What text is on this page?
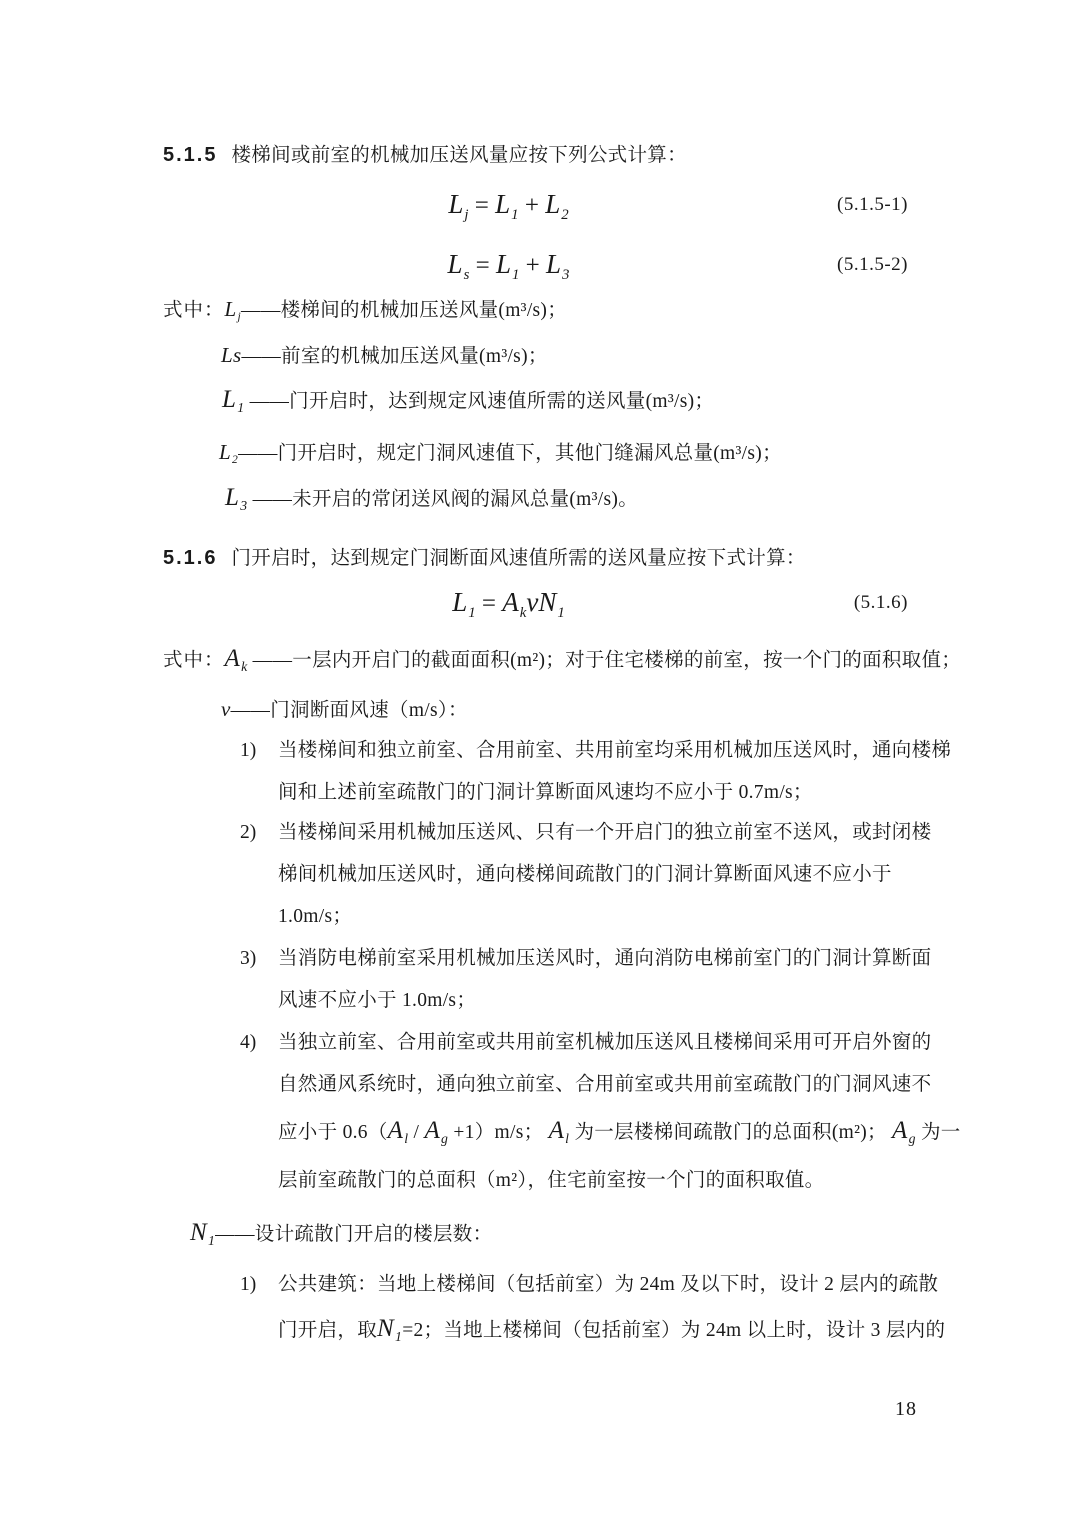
5.1.5 楼梯间或前室的机械加压送风量应按下列公式计算：
$L_j = L_1 + L_2$	(5.1.5-1)
$L_s = L_1 + L_3$	(5.1.5-2)
式中：$L_j——$楼梯间的机械加压送风量(m³/s)；
Ls——前室的机械加压送风量(m³/s)；
$L_1$ ——门开启时，达到规定风速值所需的送风量(m³/s)；
$L_2——$门开启时，规定门洞风速值下，其他门缝漏风总量(m³/s)；
$L_3$ ——未开启的常闭送风阀的漏风总量(m³/s)。
5.1.6 门开启时，达到规定门洞断面风速值所需的送风量应按下式计算：
$L_1 = A_kvN_1$	(5.1.6)
式中：$A_k$ ——一层内开启门的截面面积(m²)；对于住宅楼梯的前室，按一个门的面积取值；
v——门洞断面风速（m/s）：
1) 当楼梯间和独立前室、合用前室、共用前室均采用机械加压送风时，通向楼梯
间和上述前室疏散门的门洞计算断面风速均不应小于 0.7m/s；
2) 当楼梯间采用机械加压送风、只有一个开启门的独立前室不送风，或封闭楼
梯间机械加压送风时，通向楼梯间疏散门的门洞计算断面风速不应小于
1.0m/s；
3) 当消防电梯前室采用机械加压送风时，通向消防电梯前室门的门洞计算断面
风速不应小于 1.0m/s；
4) 当独立前室、合用前室或共用前室机械加压送风且楼梯间采用可开启外窗的
自然通风系统时，通向独立前室、合用前室或共用前室疏散门的门洞风速不
应小于 $0.6(A_l / A_g +1)m/s$； $A_l$ 为一层楼梯间疏散门的总面积(m²)； $A_g$ 为一
层前室疏散门的总面积（m²），住宅前室按一个门的面积取值。
$N_1——$设计疏散门开启的楼层数：
1) 公共建筑：当地上楼梯间（包括前室）为 24m 及以下时，设计 2 层内的疏散
门开启，取$N_1=2$；当地上楼梯间（包括前室）为 24m 以上时，设计 3 层内的
18
